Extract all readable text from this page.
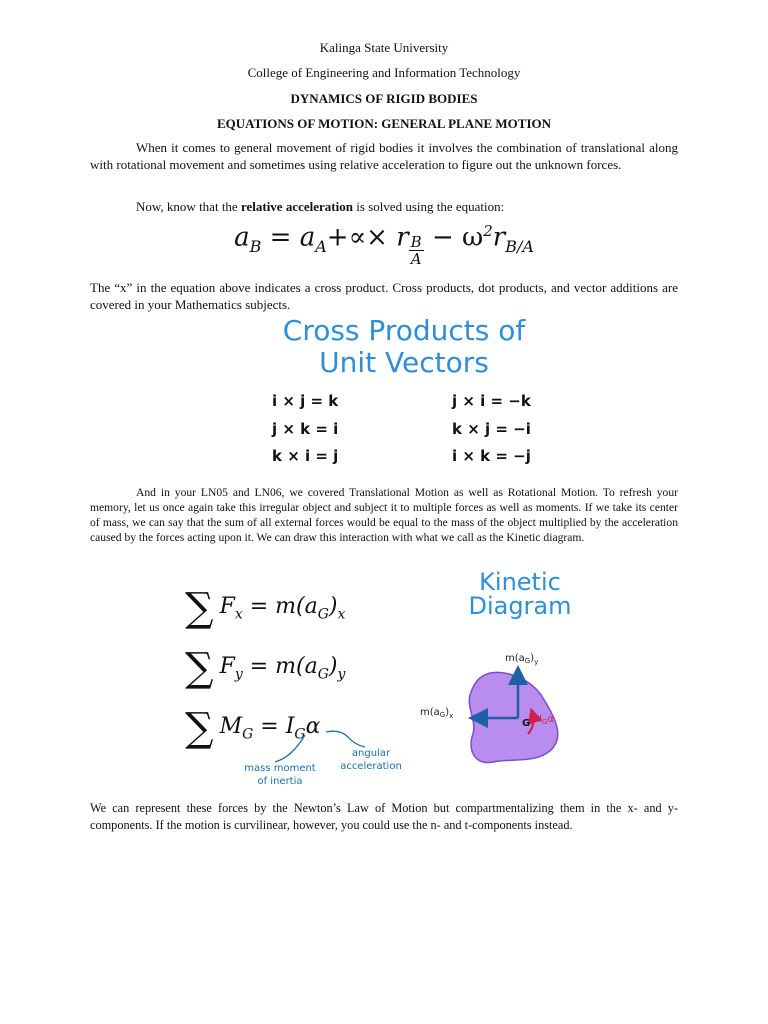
Kalinga State University
College of Engineering and Information Technology
DYNAMICS OF RIGID BODIES
EQUATIONS OF MOTION: GENERAL PLANE MOTION
When it comes to general movement of rigid bodies it involves the combination of translational along with rotational movement and sometimes using relative acceleration to figure out the unknown forces.
Now, know that the relative acceleration is solved using the equation:
$a_B = a_A+\propto\times r \frac{B}{A} - \omega^2r_{B/A}$
The “x” in the equation above indicates a cross product. Cross products, dot products, and vector additions are covered in your Mathematics subjects.
Cross Products of
Unit Vectors
i × j = k
j × k = i
k × i = j
j × i = −k
k × j = −i
i × k = −j
And in your LN05 and LN06, we covered Translational Motion as well as Rotational Motion. To refresh your memory, let us once again take this irregular object and subject it to multiple forces as well as moments. If we take its center of mass, we can say that the sum of all external forces would be equal to the mass of the object multiplied by the acceleration caused by the forces acting upon it. We can draw this interaction with what we call as the Kinetic diagram.
Kinetic
Diagram
∑ $F_x = m(a_G)_x$
∑ $F_y = m(a_G)_y$
∑ $M_G = I_G\alpha$
mass moment
of inertia
angular
acceleration
$m(a_G)_y$
$m(a_G)_x$
G $I_G\alpha$
We can represent these forces by the Newton’s Law of Motion but compartmentalizing them in the x- and y-components. If the motion is curvilinear, however, you could use the n- and t-components instead.
